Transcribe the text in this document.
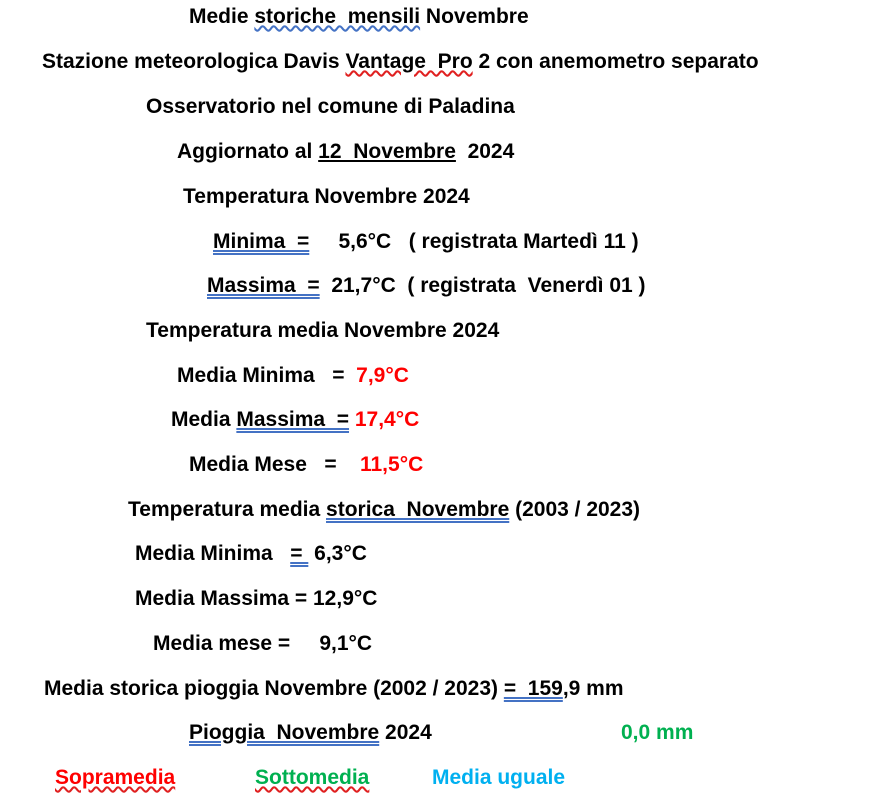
Medie storiche  mensili Novembre
Stazione meteorologica Davis Vantage  Pro 2 con anemometro separato
Osservatorio nel comune di Paladina
Aggiornato al 12  Novembre  2024
Temperatura Novembre 2024
Minima  =     5,6°C   ( registrata Martedì 11 )
Massima  =  21,7°C  ( registrata  Venerdì 01 )
Temperatura media Novembre 2024
Media Minima   =  7,9°C
Media Massima  = 17,4°C
Media Mese   =    11,5°C
Temperatura media storica  Novembre (2003 / 2023)
Media Minima   =  6,3°C
Media Massima = 12,9°C
Media mese =     9,1°C
Media storica pioggia Novembre (2002 / 2023) =  159,9 mm
Pioggia  Novembre 2024	0,0 mm
Sopramedia	Sottomedia	Media uguale
